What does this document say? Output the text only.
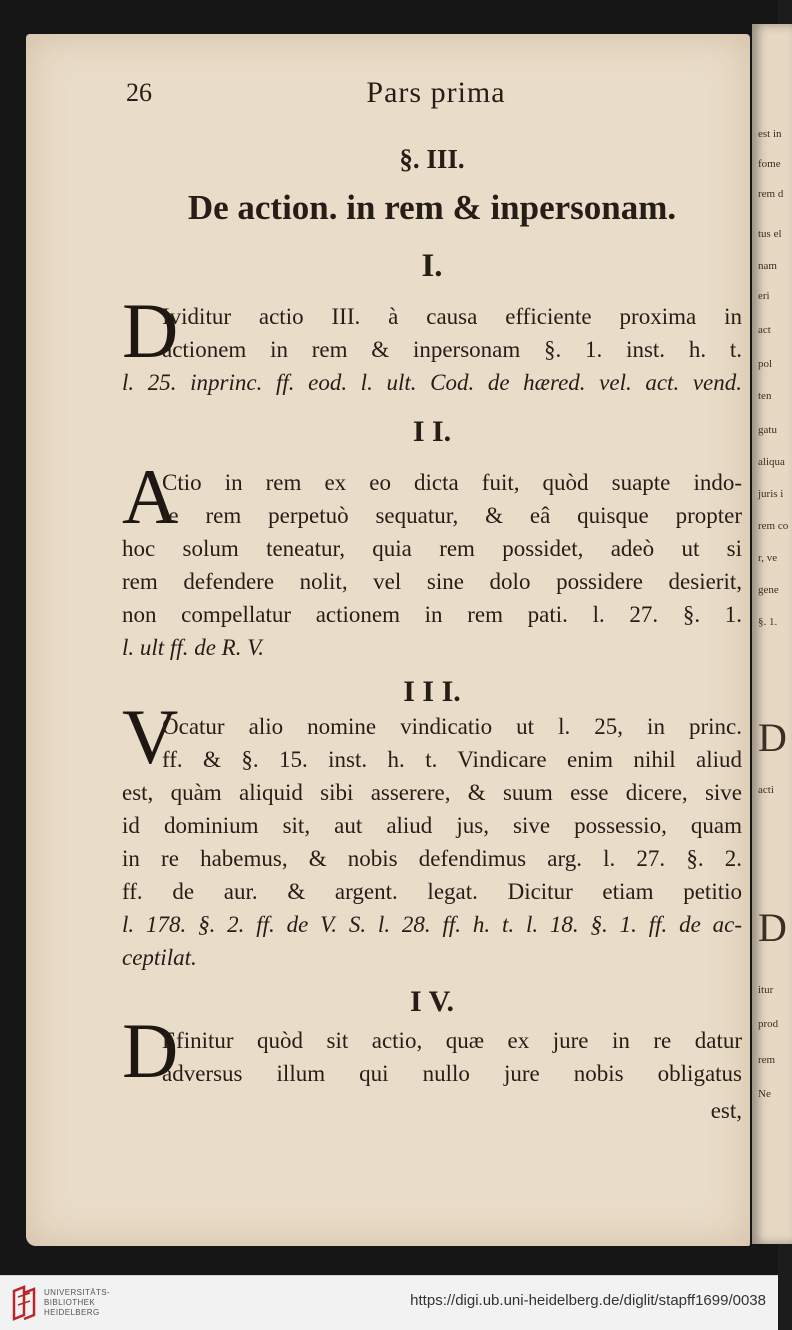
est in
fome
rem d
tus el
nam
eri
act
pol
ten
gatu
aliqua
juris i
rem co
r, ve
gene
§. 1.
D
acti
D
itur
prod
rem
Ne
26	Pars prima
§. III.
De action. in rem & inpersonam.
I.
D
Ividitur actio III. à causa efficiente proxima in
actionem in rem & inpersonam §. 1. inst. h. t.
l. 25. inprinc. ff. eod. l. ult. Cod. de hæred. vel. act. vend.
I I.
A
Ctio in rem ex eo dicta fuit, quòd suapte indo-
le rem perpetuò sequatur, & eâ quisque propter
hoc solum teneatur, quia rem possidet, adeò ut si
rem defendere nolit, vel sine dolo possidere desierit,
non compellatur actionem in rem pati. l. 27. §. 1.
l. ult ff. de R. V.
I I I.
V
Ocatur alio nomine vindicatio ut l. 25, in princ.
ff. & §. 15. inst. h. t. Vindicare enim nihil aliud
est, quàm aliquid sibi asserere, & suum esse dicere, sive
id dominium sit, aut aliud jus, sive possessio, quam
in re habemus, & nobis defendimus arg. l. 27. §. 2.
ff. de aur. & argent. legat. Dicitur etiam petitio
l. 178. §. 2. ff. de V. S. l. 28. ff. h. t. l. 18. §. 1. ff. de ac-
ceptilat.
I V.
D
Efinitur quòd sit actio, quæ ex jure in re datur
adversus illum qui nullo jure nobis obligatus
est,
UNIVERSITÄTS-
BIBLIOTHEK
HEIDELBERG
https://digi.ub.uni-heidelberg.de/diglit/stapff1699/0038
